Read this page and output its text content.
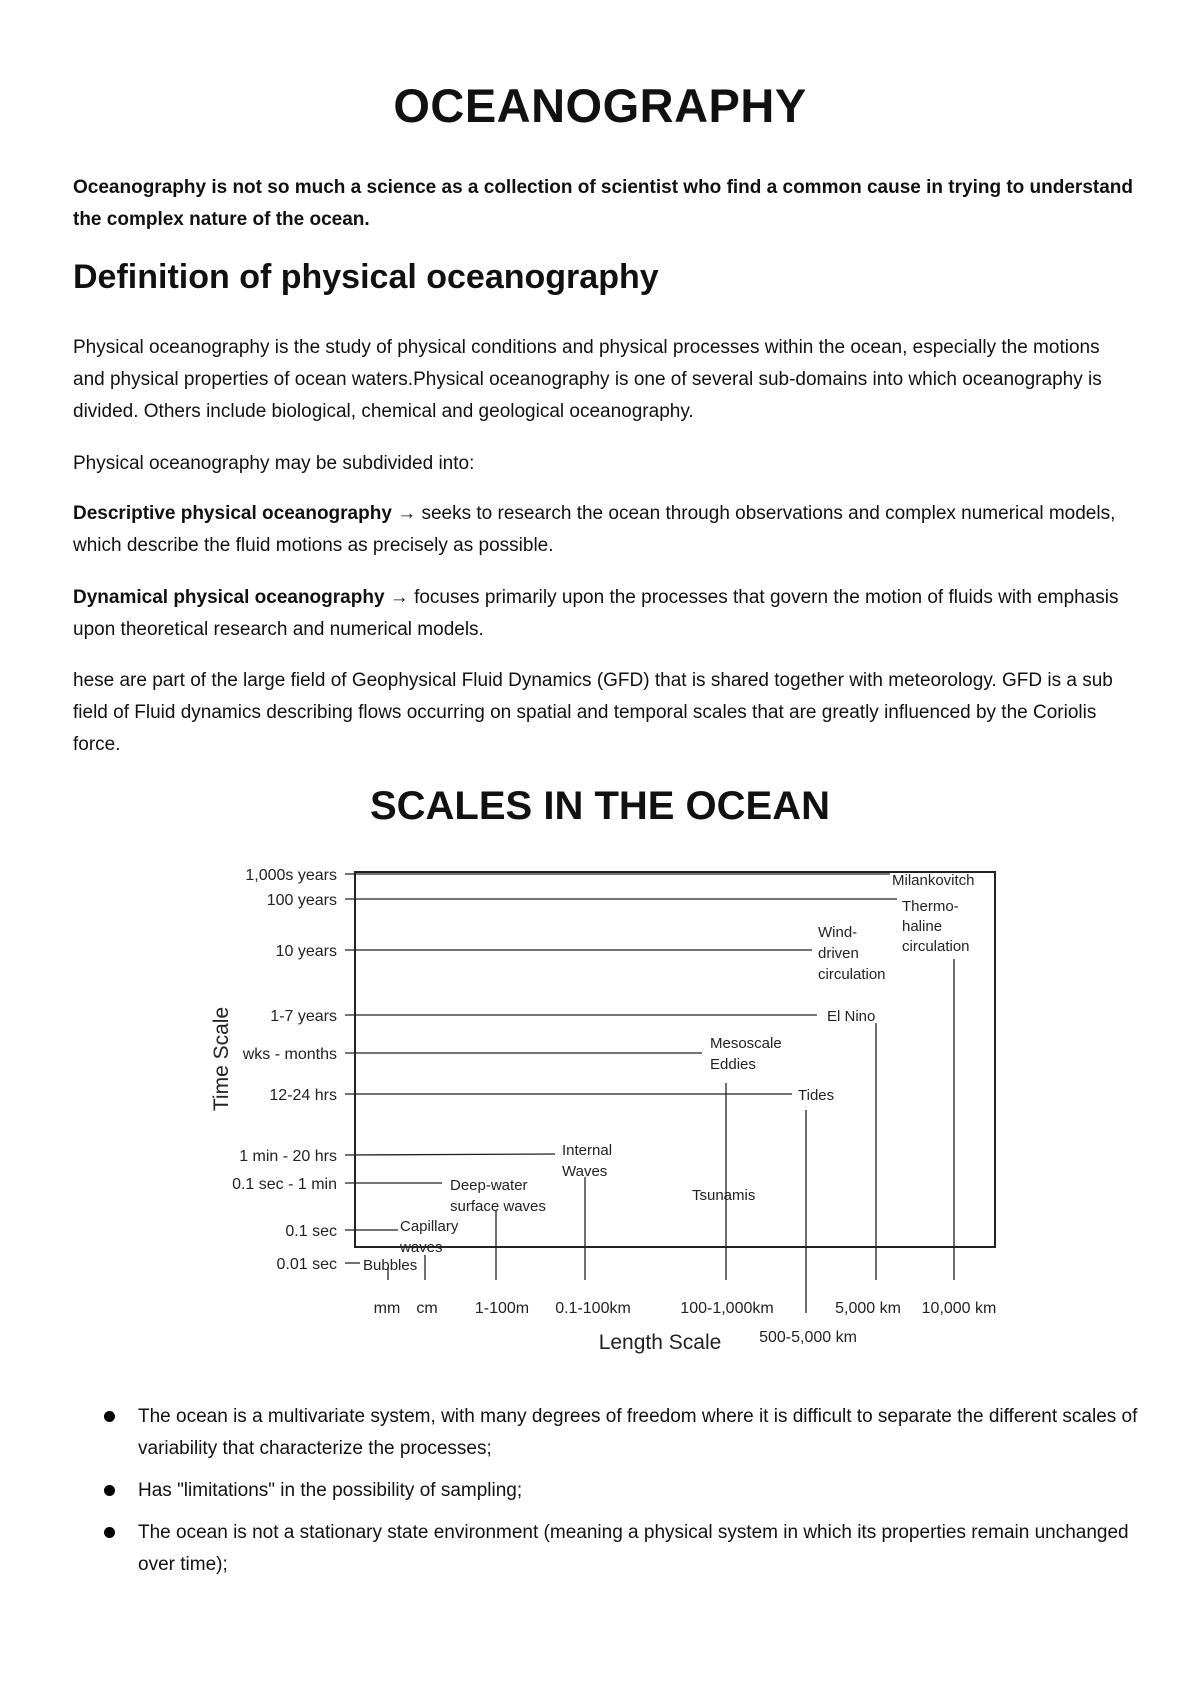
OCEANOGRAPHY

Oceanography is not so much a science as a collection of scientist who find a common cause in trying to understand the complex nature of the ocean.

Definition of physical oceanography

Physical oceanography is the study of physical conditions and physical processes within the ocean, especially the motions and physical properties of ocean waters.Physical oceanography is one of several sub-domains into which oceanography is divided. Others include biological, chemical and geological oceanography.

Physical oceanography may be subdivided into:

Descriptive physical oceanography → seeks to research the ocean through observations and complex numerical models, which describe the fluid motions as precisely as possible.

Dynamical physical oceanography → focuses primarily upon the processes that govern the motion of fluids with emphasis upon theoretical research and numerical models.

hese are part of the large field of Geophysical Fluid Dynamics (GFD) that is shared together with meteorology. GFD is a sub field of Fluid dynamics describing flows occurring on spatial and temporal scales that are greatly influenced by the Coriolis force.

SCALES IN THE OCEAN
1,000s years
100 years
10 years
1-7 years
wks - months
12-24 hrs
1 min - 20 hrs
0.1 sec - 1 min
0.1 sec
0.01 sec
Time Scale
mm cm 1-100m 0.1-100km	100-1,000km
500-5,000 km
5,000 km 10,000 km
Length Scale
Bubbles
Capillary waves
Deep-water surface waves
Internal Waves
Tsunamis
Mesoscale Eddies
Tides
El Nino
Wind-driven circulation
Thermo-haline circulation
Milankovitch
The ocean is a multivariate system, with many degrees of freedom where it is difficult to separate the different scales of variability that characterize the processes;
Has "limitations" in the possibility of sampling;
The ocean is not a stationary state environment (meaning a physical system in which its properties remain unchanged over time);
